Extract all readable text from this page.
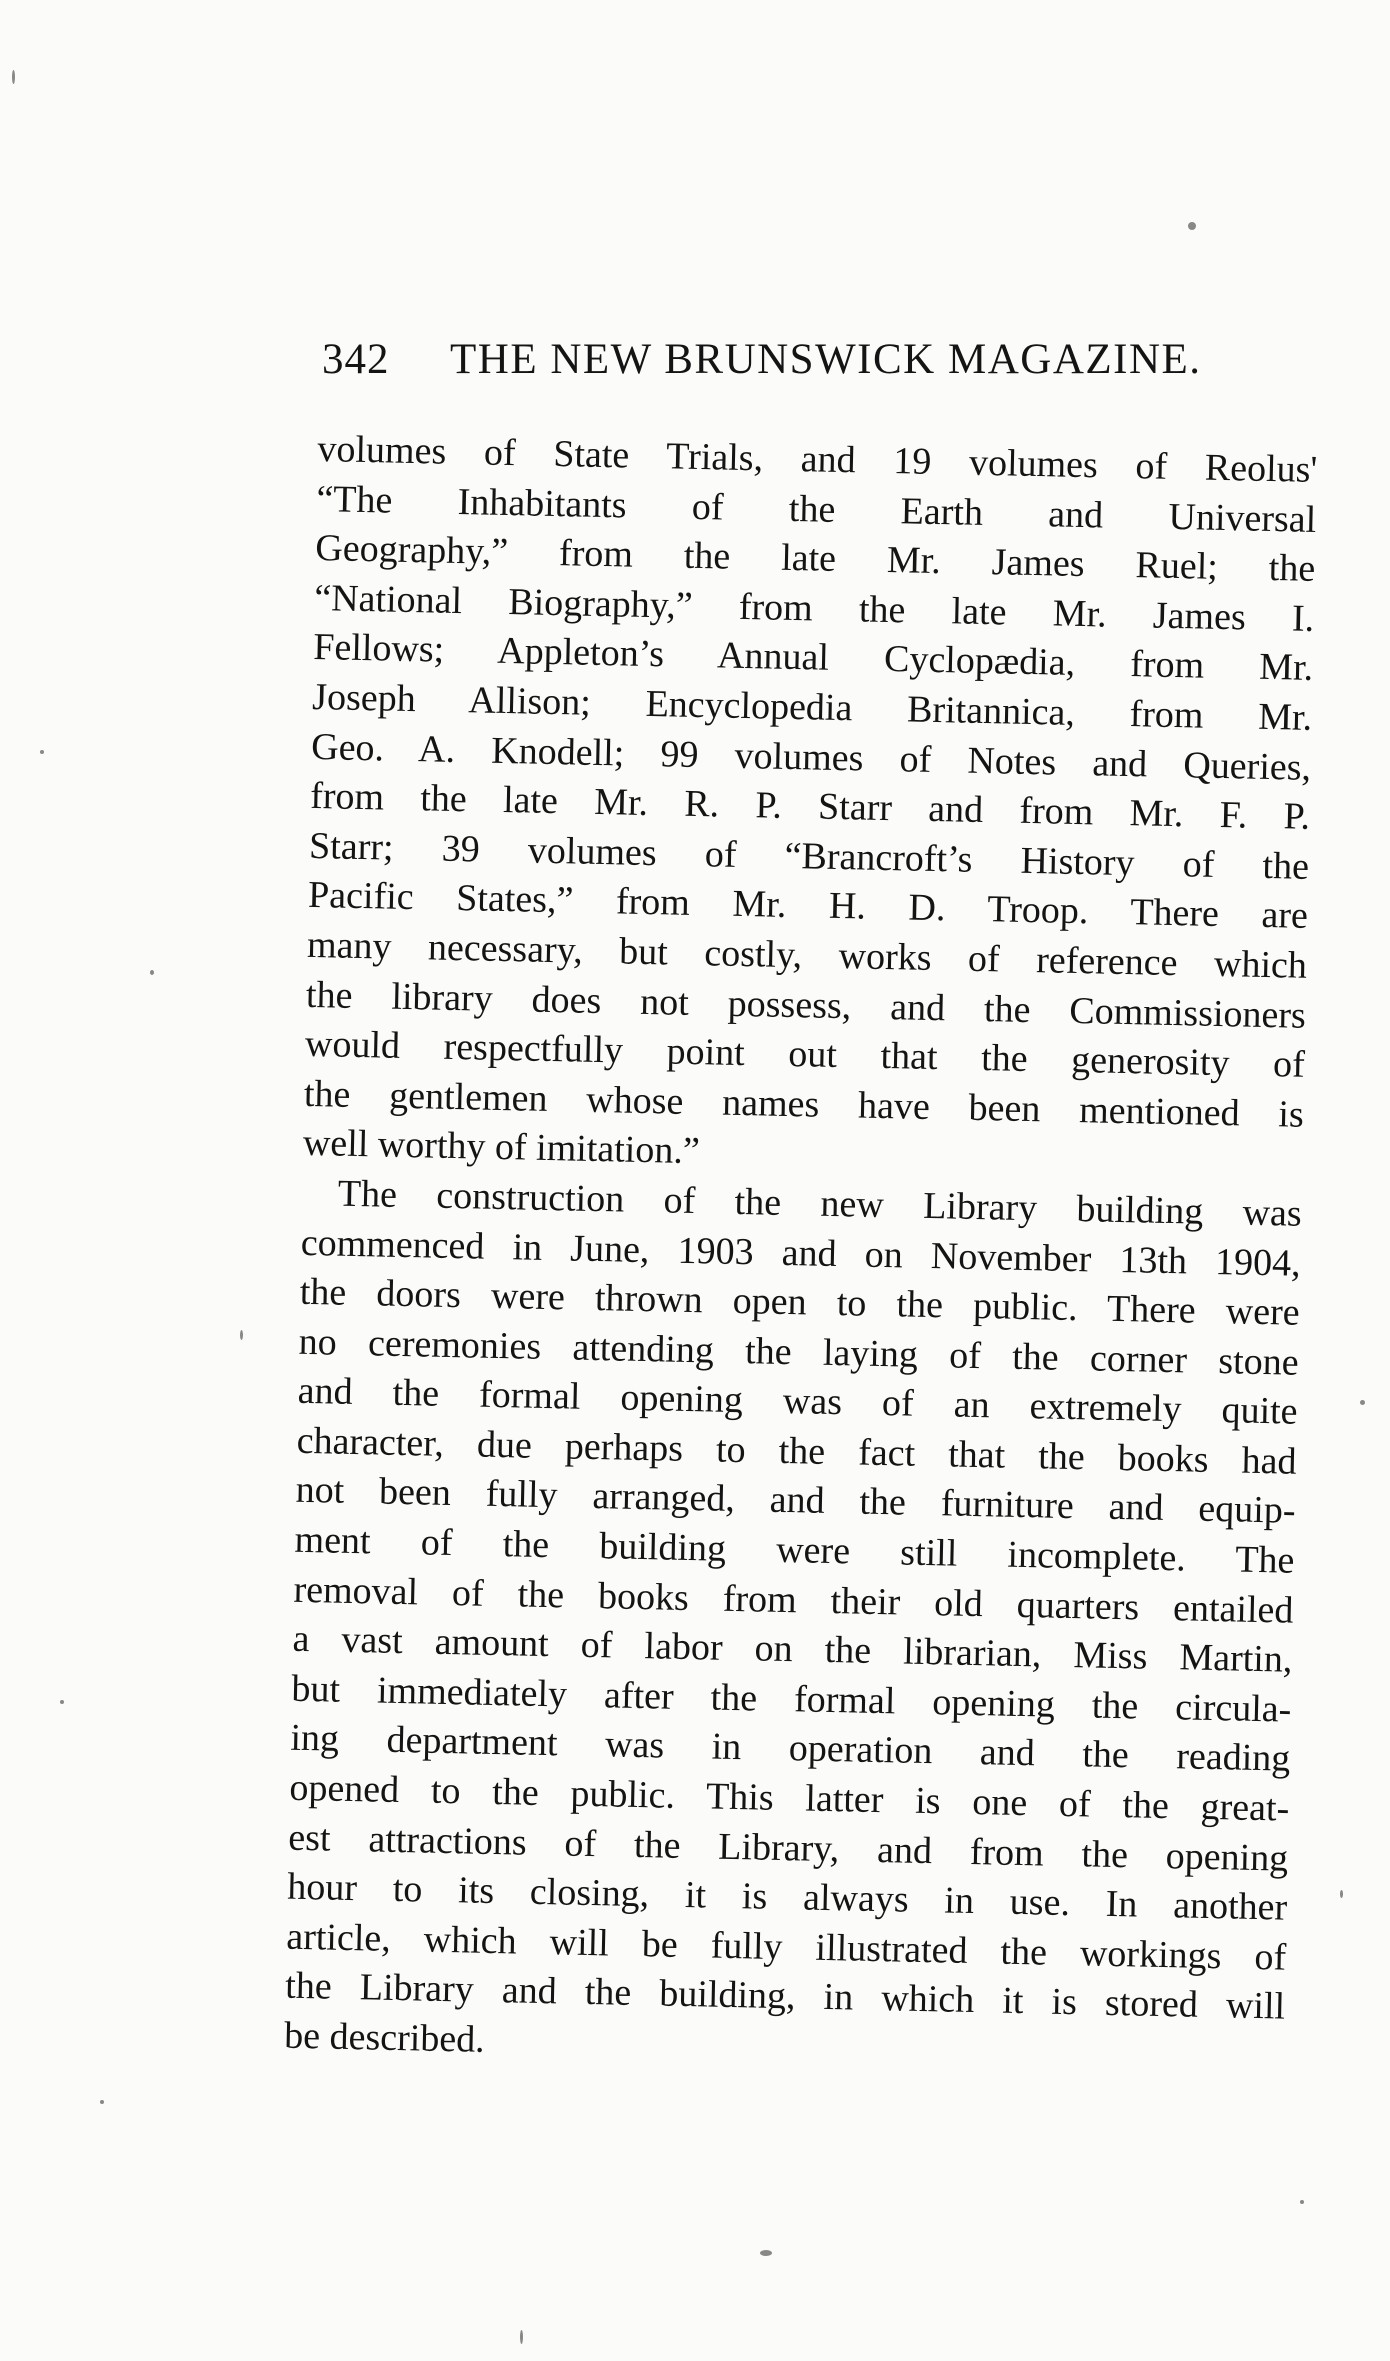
342 THE NEW BRUNSWICK MAGAZINE.
volumes of State Trials, and 19 volumes of Reolus'
“The Inhabitants of the Earth and Universal
Geography,” from the late Mr. James Ruel; the
“National Biography,” from the late Mr. James I.
Fellows; Appleton’s Annual Cyclopædia, from Mr.
Joseph Allison; Encyclopedia Britannica, from Mr.
Geo. A. Knodell; 99 volumes of Notes and Queries,
from the late Mr. R. P. Starr and from Mr. F. P.
Starr; 39 volumes of “Brancroft’s History of the
Pacific States,” from Mr. H. D. Troop. There are
many necessary, but costly, works of reference which
the library does not possess, and the Commissioners
would respectfully point out that the generosity of
the gentlemen whose names have been mentioned is
well worthy of imitation.”
The construction of the new Library building was
commenced in June, 1903 and on November 13th 1904,
the doors were thrown open to the public. There were
no ceremonies attending the laying of the corner stone
and the formal opening was of an extremely quite
character, due perhaps to the fact that the books had
not been fully arranged, and the furniture and equip-
ment of the building were still incomplete. The
removal of the books from their old quarters entailed
a vast amount of labor on the librarian, Miss Martin,
but immediately after the formal opening the circula-
ing department was in operation and the reading
opened to the public. This latter is one of the great-
est attractions of the Library, and from the opening
hour to its closing, it is always in use. In another
article, which will be fully illustrated the workings of
the Library and the building, in which it is stored will
be described.
